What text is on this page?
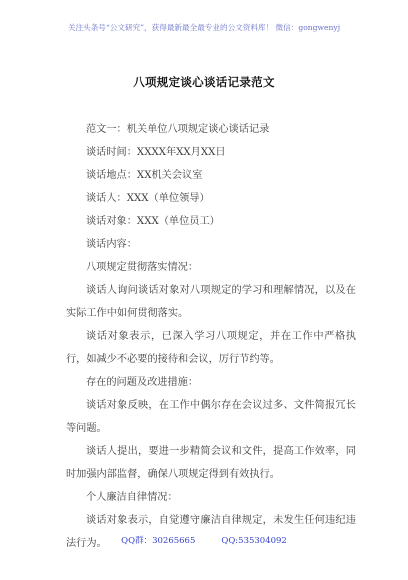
关注头条号“公文研究”，获得最新最全最专业的公文资料库！ 微信：gongwenyj
八项规定谈心谈话记录范文

范文一：机关单位八项规定谈心谈话记录

谈话时间：XXXX年XX月XX日

谈话地点：XX机关会议室

谈话人：XXX（单位领导）

谈话对象：XXX（单位员工）

谈话内容：

八项规定贯彻落实情况：

谈话人询问谈话对象对八项规定的学习和理解情况，以及在实际工作中如何贯彻落实。

谈话对象表示，已深入学习八项规定，并在工作中严格执行，如减少不必要的接待和会议，厉行节约等。

存在的问题及改进措施：

谈话对象反映，在工作中偶尔存在会议过多、文件简报冗长等问题。

谈话人提出，要进一步精简会议和文件，提高工作效率，同时加强内部监督，确保八项规定得到有效执行。

个人廉洁自律情况：

谈话对象表示，自觉遵守廉洁自律规定，未发生任何违纪违法行为。	QQ群：30265665	QQ:535304092
